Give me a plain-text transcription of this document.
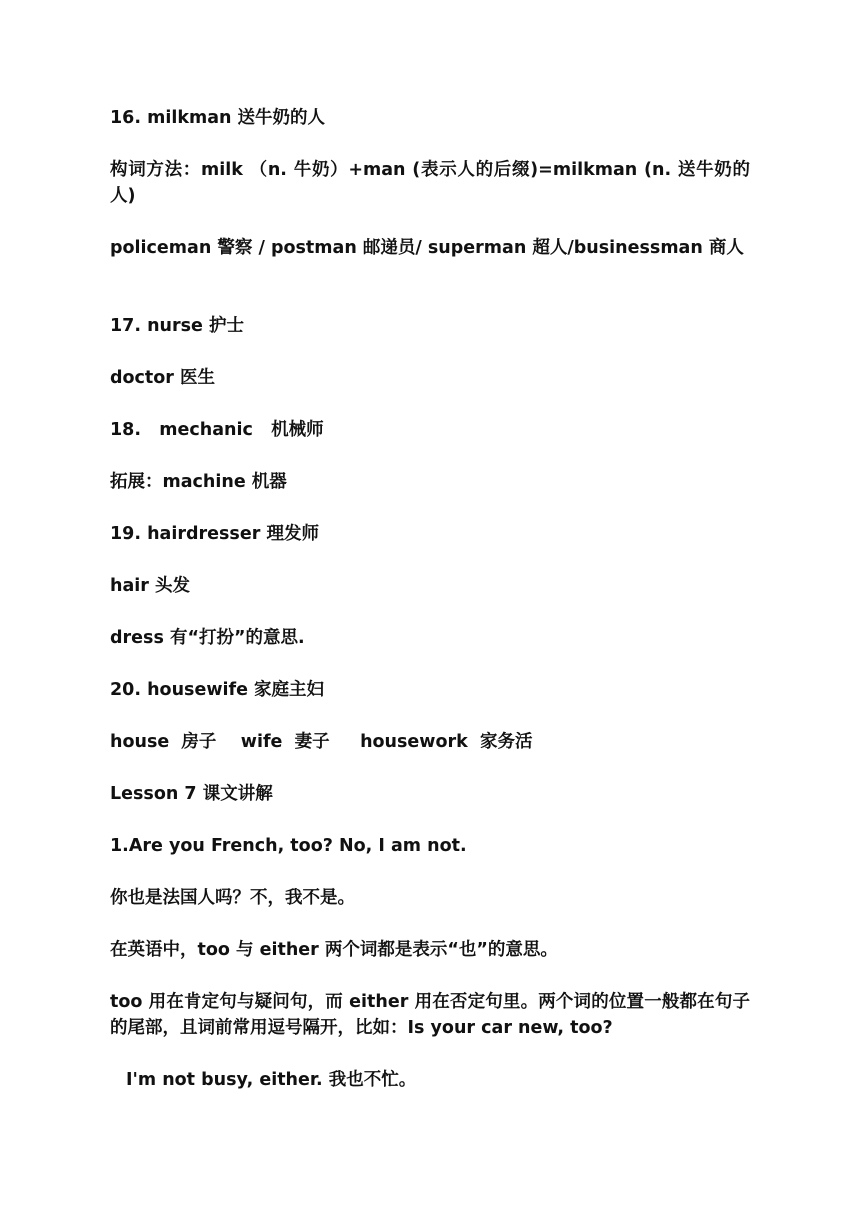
16. milkman 送牛奶的人

构词方法：milk （n. 牛奶）+man (表示人的后缀)=milkman (n. 送牛奶的人)

policeman 警察 / postman 邮递员/ superman 超人/businessman 商人

17. nurse 护士

doctor 医生

18.   mechanic   机械师

拓展：machine 机器

19. hairdresser 理发师

hair 头发

dress 有“打扮”的意思.

20. housewife 家庭主妇

house  房子    wife  妻子     housework  家务活

Lesson 7 课文讲解

1.Are you French, too? No, I am not.

你也是法国人吗？不，我不是。

在英语中，too 与 either 两个词都是表示“也”的意思。

too 用在肯定句与疑问句，而 either 用在否定句里。两个词的位置一般都在句子的尾部，且词前常用逗号隔开，比如：Is your car new, too?

I'm not busy, either. 我也不忙。
